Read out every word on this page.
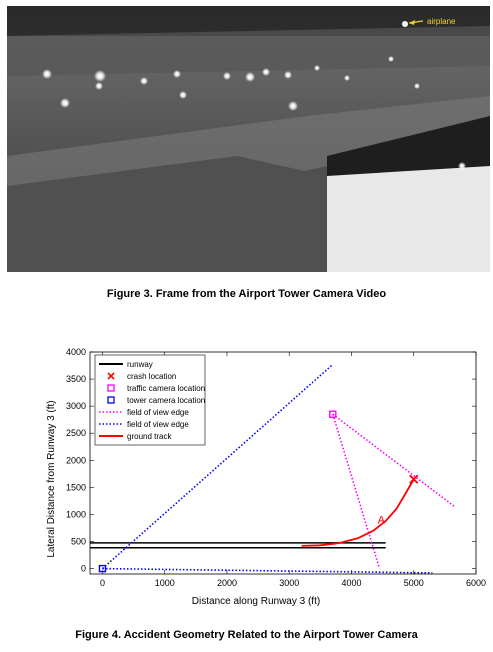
airplane
Figure 3. Frame from the Airport Tower Camera Video
0	1000	2000	3000	4000	5000	6000
0
500
1000
1500
2000
2500
3000
3500
4000
runway
crash location
traffic camera location
tower camera location
field of view edge
field of view edge
ground track
Distance along Runway 3 (ft)
Lateral Distance from Runway 3 (ft)	A
Figure 4. Accident Geometry Related to the Airport Tower Camera
